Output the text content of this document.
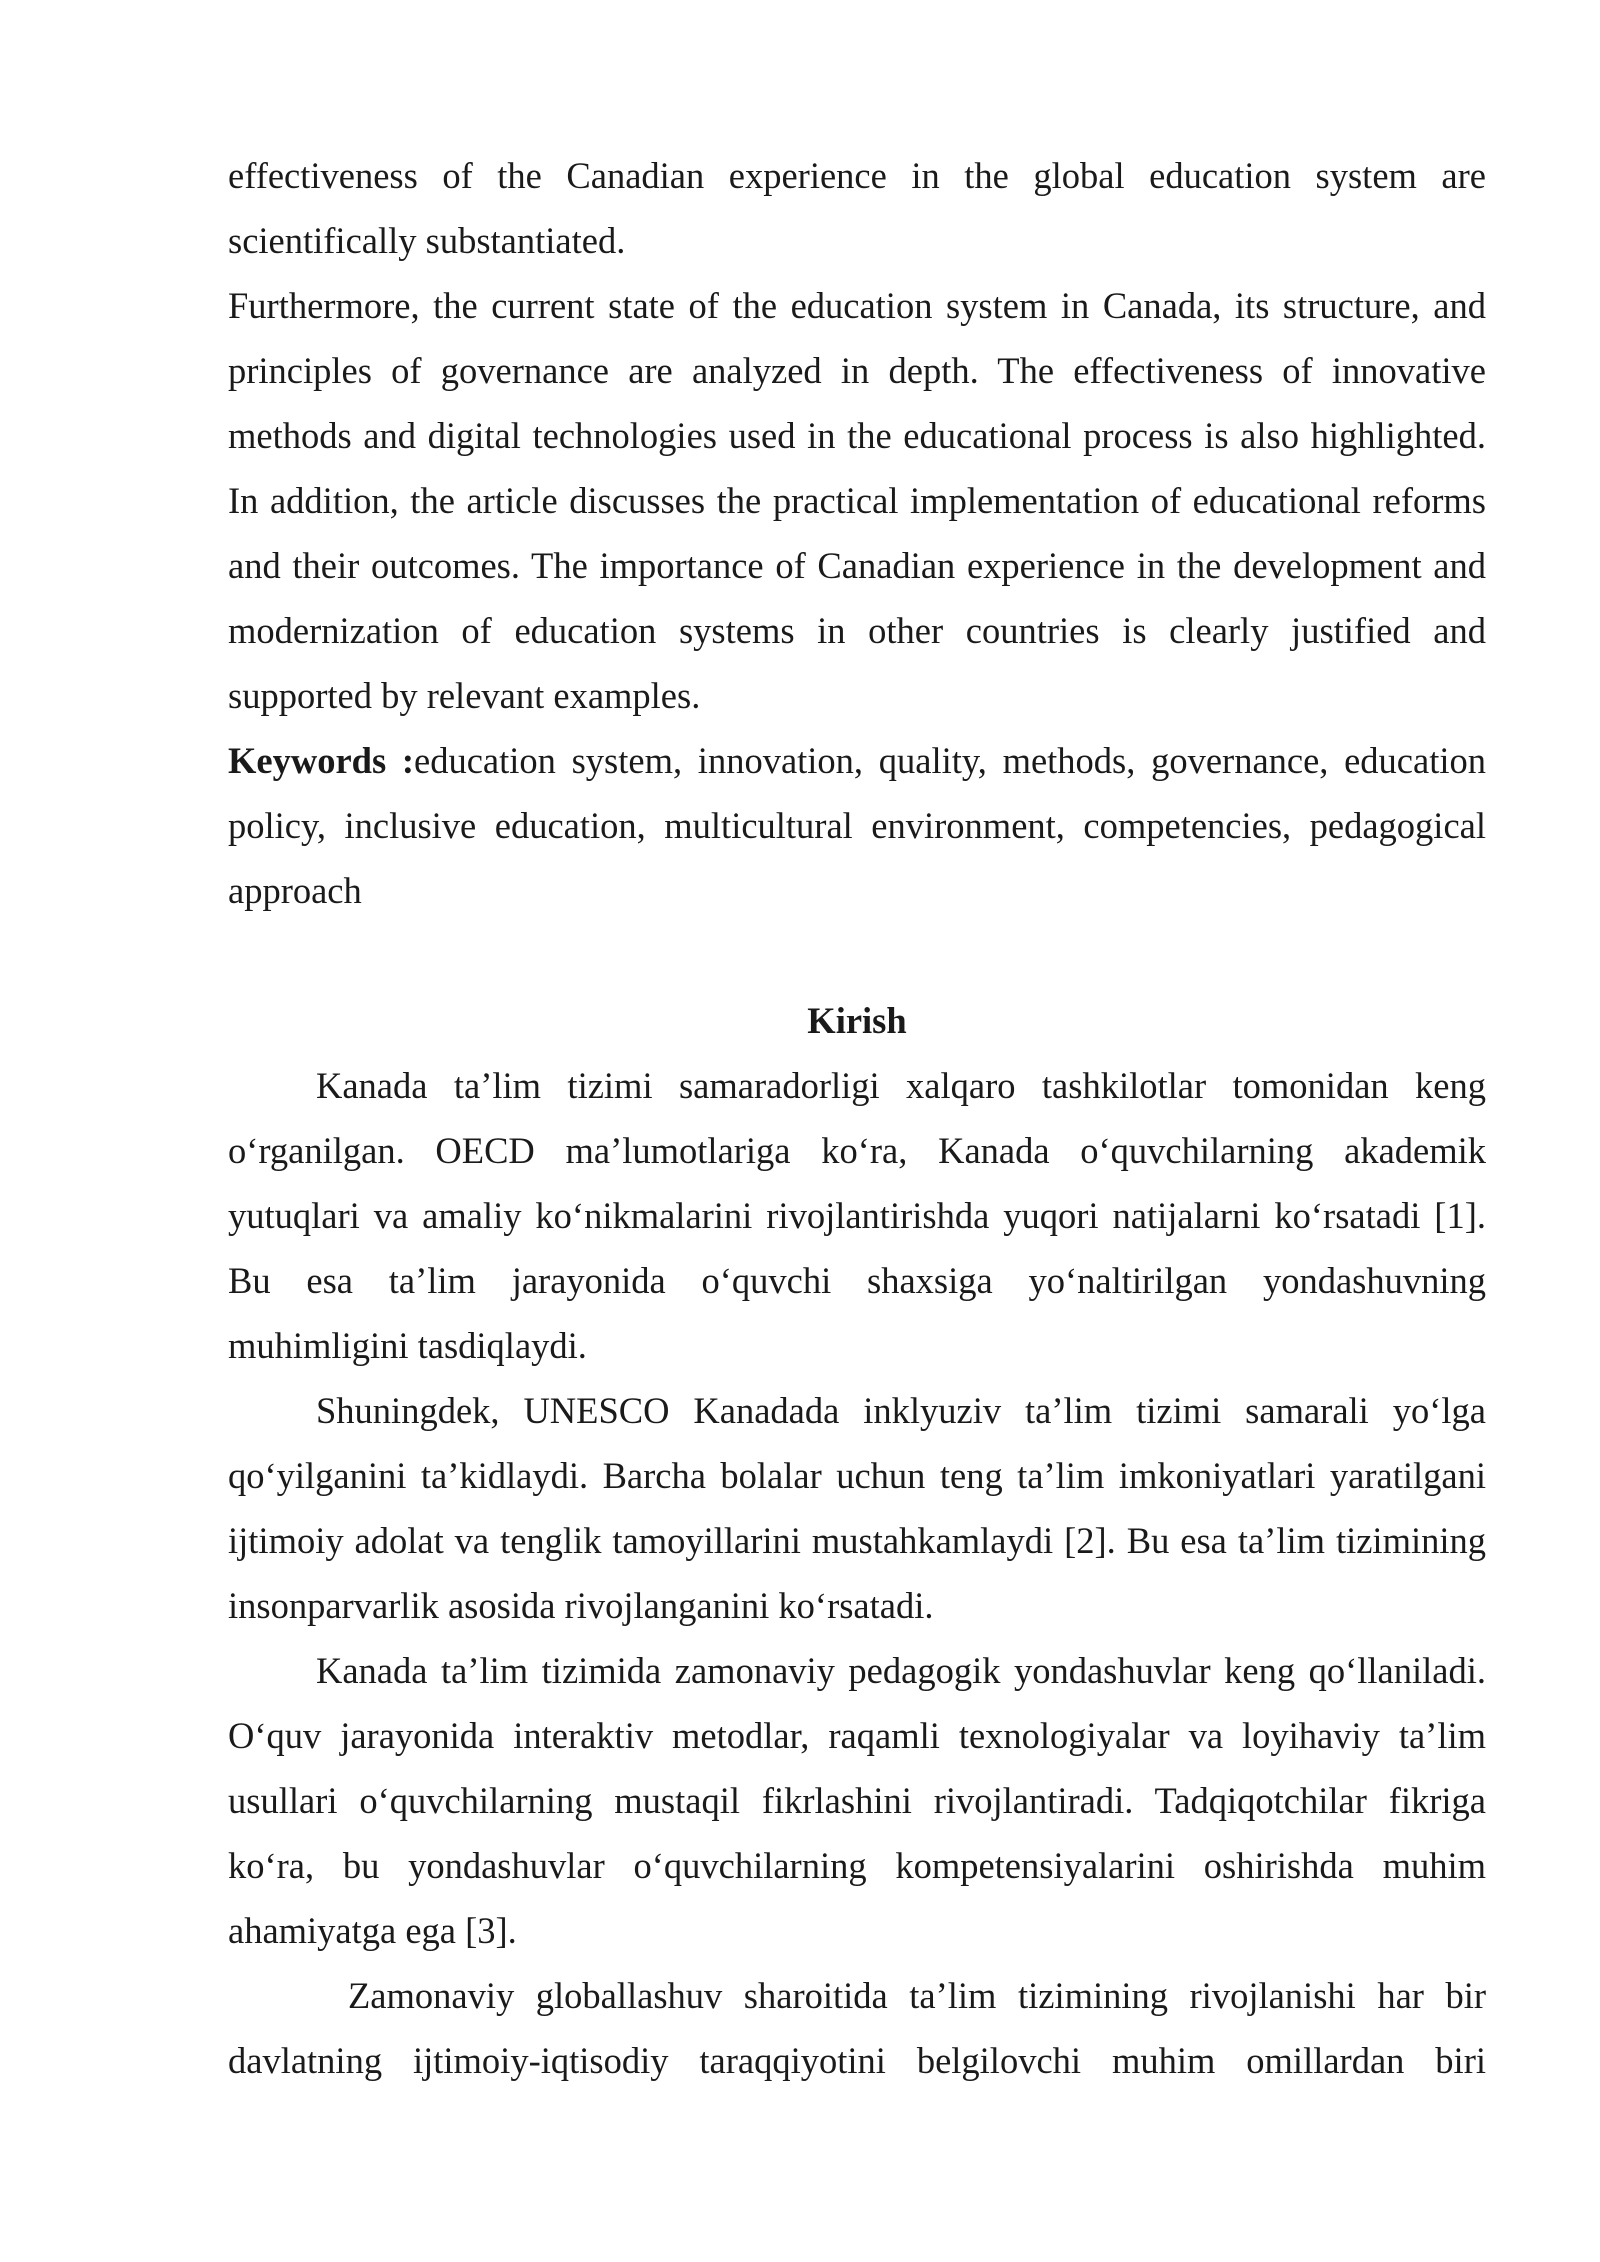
effectiveness of the Canadian experience in the global education system are scientifically substantiated.

Furthermore, the current state of the education system in Canada, its structure, and principles of governance are analyzed in depth. The effectiveness of innovative methods and digital technologies used in the educational process is also highlighted. In addition, the article discusses the practical implementation of educational reforms and their outcomes. The importance of Canadian experience in the development and modernization of education systems in other countries is clearly justified and supported by relevant examples.

Keywords :education system, innovation, quality, methods, governance, education policy, inclusive education, multicultural environment, competencies, pedagogical approach

Kirish

Kanada ta’lim tizimi samaradorligi xalqaro tashkilotlar tomonidan keng o‘rganilgan. OECD ma’lumotlariga ko‘ra, Kanada o‘quvchilarning akademik yutuqlari va amaliy ko‘nikmalarini rivojlantirishda yuqori natijalarni ko‘rsatadi [1]. Bu esa ta’lim jarayonida o‘quvchi shaxsiga yo‘naltirilgan yondashuvning muhimligini tasdiqlaydi.

Shuningdek, UNESCO Kanadada inklyuziv ta’lim tizimi samarali yo‘lga qo‘yilganini ta’kidlaydi. Barcha bolalar uchun teng ta’lim imkoniyatlari yaratilgani ijtimoiy adolat va tenglik tamoyillarini mustahkamlaydi [2]. Bu esa ta’lim tizimining insonparvarlik asosida rivojlanganini ko‘rsatadi.

Kanada ta’lim tizimida zamonaviy pedagogik yondashuvlar keng qo‘llaniladi. O‘quv jarayonida interaktiv metodlar, raqamli texnologiyalar va loyihaviy ta’lim usullari o‘quvchilarning mustaqil fikrlashini rivojlantiradi. Tadqiqotchilar fikriga ko‘ra, bu yondashuvlar o‘quvchilarning kompetensiyalarini oshirishda muhim ahamiyatga ega [3].

Zamonaviy globallashuv sharoitida ta’lim tizimining rivojlanishi har bir davlatning ijtimoiy-iqtisodiy taraqqiyotini belgilovchi muhim omillardan biri
